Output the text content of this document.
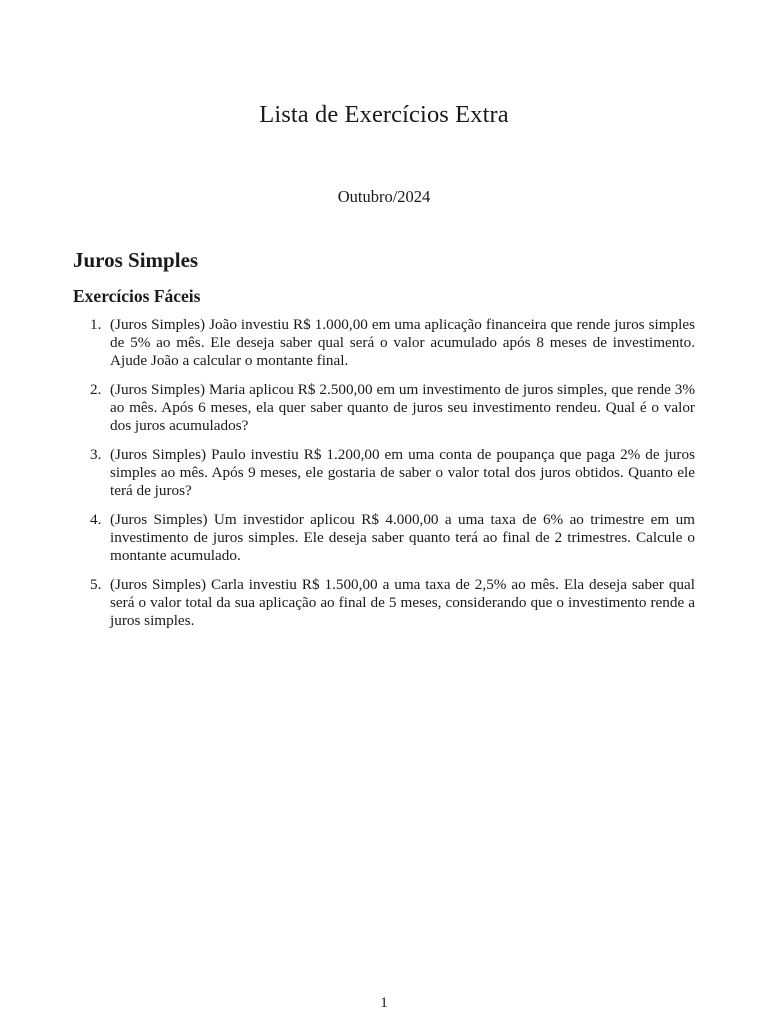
Lista de Exercícios Extra
Outubro/2024
Juros Simples
Exercícios Fáceis
1. (Juros Simples) João investiu R$ 1.000,00 em uma aplicação financeira que rende juros simples de 5% ao mês. Ele deseja saber qual será o valor acumulado após 8 meses de investimento. Ajude João a calcular o montante final.
2. (Juros Simples) Maria aplicou R$ 2.500,00 em um investimento de juros simples, que rende 3% ao mês. Após 6 meses, ela quer saber quanto de juros seu investimento rendeu. Qual é o valor dos juros acumulados?
3. (Juros Simples) Paulo investiu R$ 1.200,00 em uma conta de poupança que paga 2% de juros simples ao mês. Após 9 meses, ele gostaria de saber o valor total dos juros obtidos. Quanto ele terá de juros?
4. (Juros Simples) Um investidor aplicou R$ 4.000,00 a uma taxa de 6% ao trimestre em um investimento de juros simples. Ele deseja saber quanto terá ao final de 2 trimestres. Calcule o montante acumulado.
5. (Juros Simples) Carla investiu R$ 1.500,00 a uma taxa de 2,5% ao mês. Ela deseja saber qual será o valor total da sua aplicação ao final de 5 meses, considerando que o investimento rende a juros simples.
1
